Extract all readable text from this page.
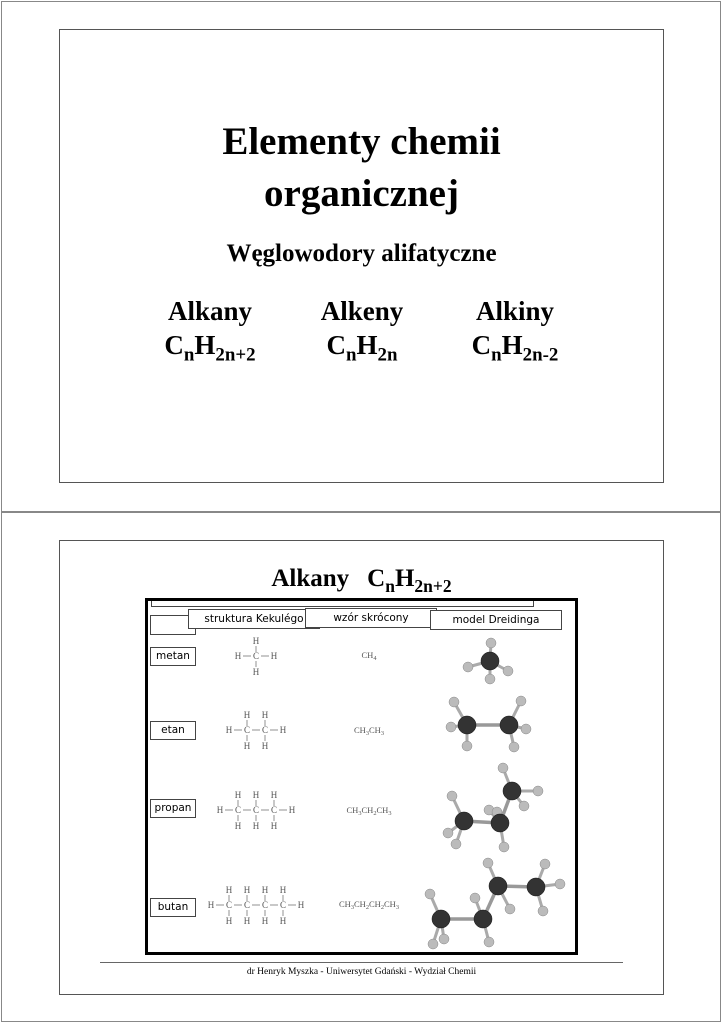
Elementy chemii
organicznej
Węglowodory alifatyczne
Alkany
$C_nH_{2n+2}$
Alkeny
$C_nH_{2n}$
Alkiny
$C_nH_{2n-2}$
Alkany $C_nH_{2n+2}$
struktura Kekulégo	wzór skrócony	model Dreidinga
metan
etan
propan
butan
$CH_4$
$CH_3CH_3$
$CH_3CH_2CH_3$
$CH_3CH_2CH_2CH_3$
H C
H
H
H
H C
H
H
C
H
H
H
H C
H
H
C
H
H
C
H
H
H
H C
H
H
C
H
H
C
H
H
C
H
H
H
dr Henryk Myszka - Uniwersytet Gdański - Wydział Chemii
